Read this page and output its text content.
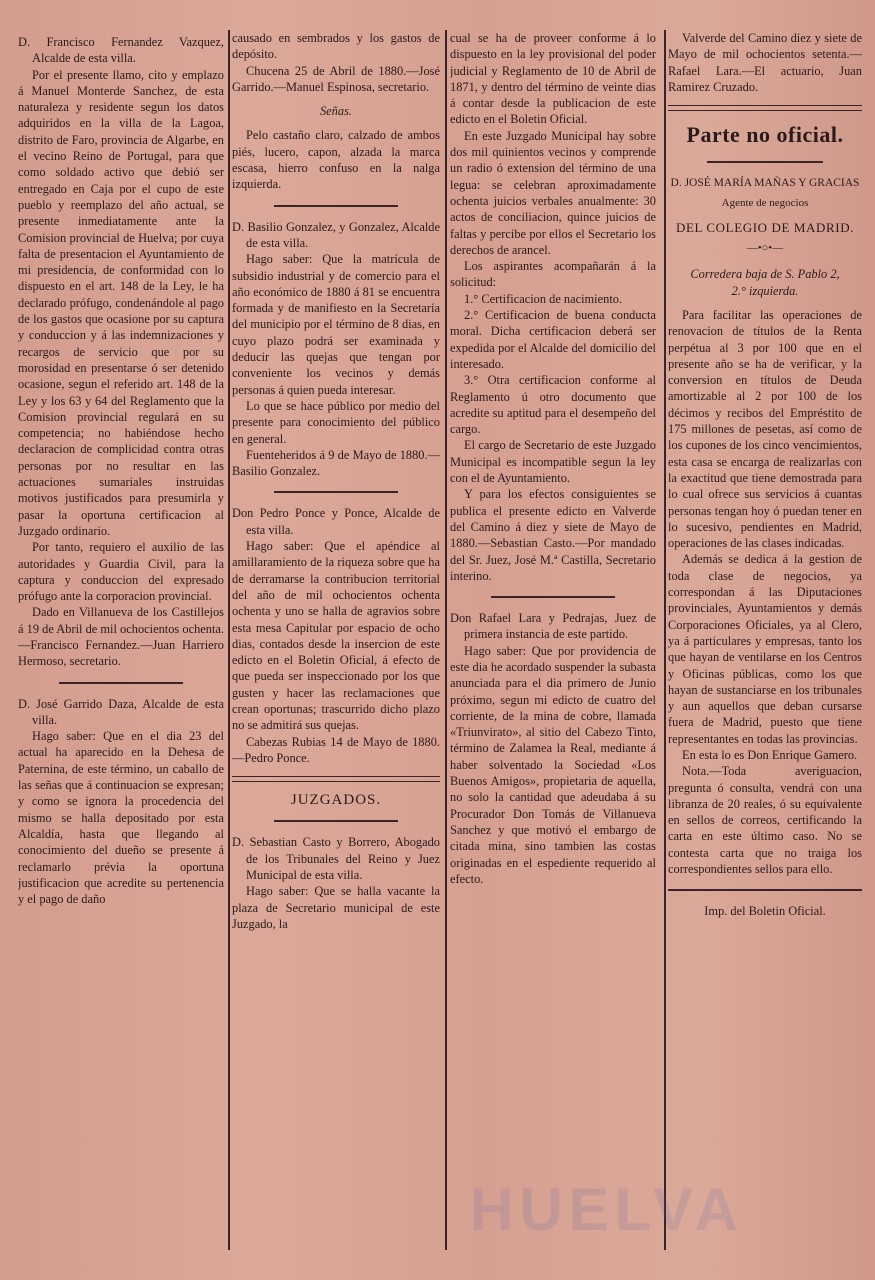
D. Francisco Fernandez Vazquez, Alcalde de esta villa.

Por el presente llamo, cito y emplazo á Manuel Monterde Sanchez, de esta naturaleza y residente segun los datos adquiridos en la villa de la Lagoa, distrito de Faro, provincia de Algarbe, en el vecino Reino de Portugal, para que como soldado activo que debió ser entregado en Caja por el cupo de este pueblo y reemplazo del año actual, se presente inmediatamente ante la Comision provincial de Huelva; por cuya falta de presentacion el Ayuntamiento de mi presidencia, de conformidad con lo dispuesto en el art. 148 de la Ley, le ha declarado prófugo, condenándole al pago de los gastos que ocasione por su captura y conduccion y á las indemnizaciones y recargos de servicio que por su morosidad en presentarse ó ser detenido ocasione, segun el referido art. 148 de la Ley y los 63 y 64 del Reglamento que la Comision provincial regulará en su competencia; no habiéndose hecho declaracion de complicidad contra otras personas por no resultar en las actuaciones sumariales instruidas motivos justificados para presumirla y pasar la oportuna certificacion al Juzgado ordinario.

Por tanto, requiero el auxilio de las autoridades y Guardia Civil, para la captura y conduccion del expresado prófugo ante la corporacion provincial.

Dado en Villanueva de los Castillejos á 19 de Abril de mil ochocientos ochenta.—Francisco Fernandez.—Juan Harriero Hermoso, secretario.

D. José Garrido Daza, Alcalde de esta villa.

Hago saber: Que en el dia 23 del actual ha aparecido en la Dehesa de Paternina, de este término, un caballo de las señas que á continuacion se expresan; y como se ignora la procedencia del mismo se halla depositado por esta Alcaldía, hasta que llegando al conocimiento del dueño se presente á reclamarlo prévia la oportuna justificacion que acredite su pertenencia y el pago de daño

causado en sembrados y los gastos de depósito.

Chucena 25 de Abril de 1880.—José Garrido.—Manuel Espinosa, secretario.

Señas.

Pelo castaño claro, calzado de ambos piés, lucero, capon, alzada la marca escasa, hierro confuso en la nalga izquierda.

D. Basilio Gonzalez, y Gonzalez, Alcalde de esta villa.

Hago saber: Que la matrícula de subsidio industrial y de comercio para el año económico de 1880 á 81 se encuentra formada y de manifiesto en la Secretaría del municipio por el término de 8 dias, en cuyo plazo podrá ser examinada y deducir las quejas que tengan por conveniente los vecinos y demás personas á quien pueda interesar.

Lo que se hace público por medio del presente para conocimiento del público en general.

Fuenteheridos á 9 de Mayo de 1880.—Basilio Gonzalez.

Don Pedro Ponce y Ponce, Alcalde de esta villa.

Hago saber: Que el apéndice al amillaramiento de la riqueza sobre que ha de derramarse la contribucion territorial del año de mil ochocientos ochenta ochenta y uno se halla de agravios sobre esta mesa Capitular por espacio de ocho dias, contados desde la insercion de este edicto en el Boletin Oficial, á efecto de que pueda ser inspeccionado por los que gusten y hacer las reclamaciones que crean oportunas; trascurrido dicho plazo no se admitirá sus quejas.

Cabezas Rubias 14 de Mayo de 1880.—Pedro Ponce.

JUZGADOS.

D. Sebastian Casto y Borrero, Abogado de los Tribunales del Reino y Juez Municipal de esta villa.

Hago saber: Que se halla vacante la plaza de Secretario municipal de este Juzgado, la

cual se ha de proveer conforme á lo dispuesto en la ley provisional del poder judicial y Reglamento de 10 de Abril de 1871, y dentro del término de veinte dias á contar desde la publicacion de este edicto en el Boletin Oficial.

En este Juzgado Municipal hay sobre dos mil quinientos vecinos y comprende un radio ó extension del término de una legua: se celebran aproximadamente ochenta juicios verbales anualmente: 30 actos de conciliacion, quince juicios de faltas y percibe por ellos el Secretario los derechos de arancel.

Los aspirantes acompañarán á la solicitud:

1.° Certificacion de nacimiento.

2.° Certificacion de buena conducta moral. Dicha certificacion deberá ser expedida por el Alcalde del domicilio del interesado.

3.° Otra certificacion conforme al Reglamento ú otro documento que acredite su aptitud para el desempeño del cargo.

El cargo de Secretario de este Juzgado Municipal es incompatible segun la ley con el de Ayuntamiento.

Y para los efectos consiguientes se publica el presente edicto en Valverde del Camino á diez y siete de Mayo de 1880.—Sebastian Casto.—Por mandado del Sr. Juez, José M.ª Castilla, Secretario interino.

Don Rafael Lara y Pedrajas, Juez de primera instancia de este partido.

Hago saber: Que por providencia de este dia he acordado suspender la subasta anunciada para el dia primero de Junio próximo, segun mi edicto de cuatro del corriente, de la mina de cobre, llamada «Triunvirato», al sitio del Cabezo Tinto, término de Zalamea la Real, mediante á haber solventado la Sociedad «Los Buenos Amigos», propietaria de aquella, no solo la cantidad que adeudaba á su Procurador Don Tomás de Villanueva Sanchez y que motivó el embargo de citada mina, sino tambien las costas originadas en el espediente requerido al efecto.

Valverde del Camino diez y siete de Mayo de mil ochocientos setenta.—Rafael Lara.—El actuario, Juan Ramirez Cruzado.

Parte no oficial.
D. JOSÉ MARÍA MAÑAS Y GRACIAS
Agente de negocios
DEL COLEGIO DE MADRID.
—•○•—
Corredera baja de S. Pablo 2,
2.° izquierda.

Para facilitar las operaciones de renovacion de títulos de la Renta perpétua al 3 por 100 que en el presente año se ha de verificar, y la conversion en títulos de Deuda amortizable al 2 por 100 de los décimos y recibos del Empréstito de 175 millones de pesetas, así como de los cupones de los cinco vencimientos, esta casa se encarga de realizarlas con la exactitud que tiene demostrada para lo cual ofrece sus servicios á cuantas personas tengan hoy ó puedan tener en lo sucesivo, pendientes en Madrid, operaciones de las clases indicadas.

Además se dedica á la gestion de toda clase de negocios, ya correspondan á las Diputaciones provinciales, Ayuntamientos y demás Corporaciones Oficiales, ya al Clero, ya á particulares y empresas, tanto los que hayan de ventilarse en los Centros y Oficinas públicas, como los que hayan de sustanciarse en los tribunales y aun aquellos que deban cursarse fuera de Madrid, puesto que tiene representantes en todas las provincias.

En esta lo es Don Enrique Gamero.

Nota.—Toda averiguacion, pregunta ó consulta, vendrá con una libranza de 20 reales, ó su equivalente en sellos de correos, certificando la carta en este último caso. No se contesta carta que no traiga los correspondientes sellos para ello.

Imp. del Boletin Oficial.
HUELVA
